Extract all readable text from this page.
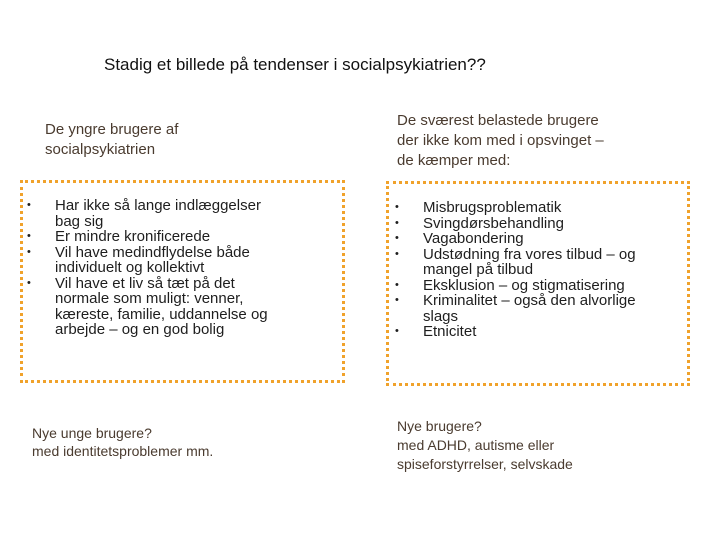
Stadig et billede på tendenser i socialpsykiatrien??
De yngre brugere af
socialpsykiatrien
• Har ikke så lange indlæggelser
bag sig
• Er mindre kronificerede
• Vil have medindflydelse både
individuelt og kollektivt
• Vil have et liv så tæt på det
normale som muligt: venner,
kæreste, familie, uddannelse og
arbejde – og en god bolig
Nye unge brugere?
med identitetsproblemer mm.
De sværest belastede brugere
der ikke kom med i opsvinget –
de kæmper med:
• Misbrugsproblematik
• Svingdørsbehandling
• Vagabondering
• Udstødning fra vores tilbud – og
mangel på tilbud
• Eksklusion – og stigmatisering
• Kriminalitet – også den alvorlige
slags
• Etnicitet
Nye brugere?
med ADHD, autisme eller
spiseforstyrrelser, selvskade
